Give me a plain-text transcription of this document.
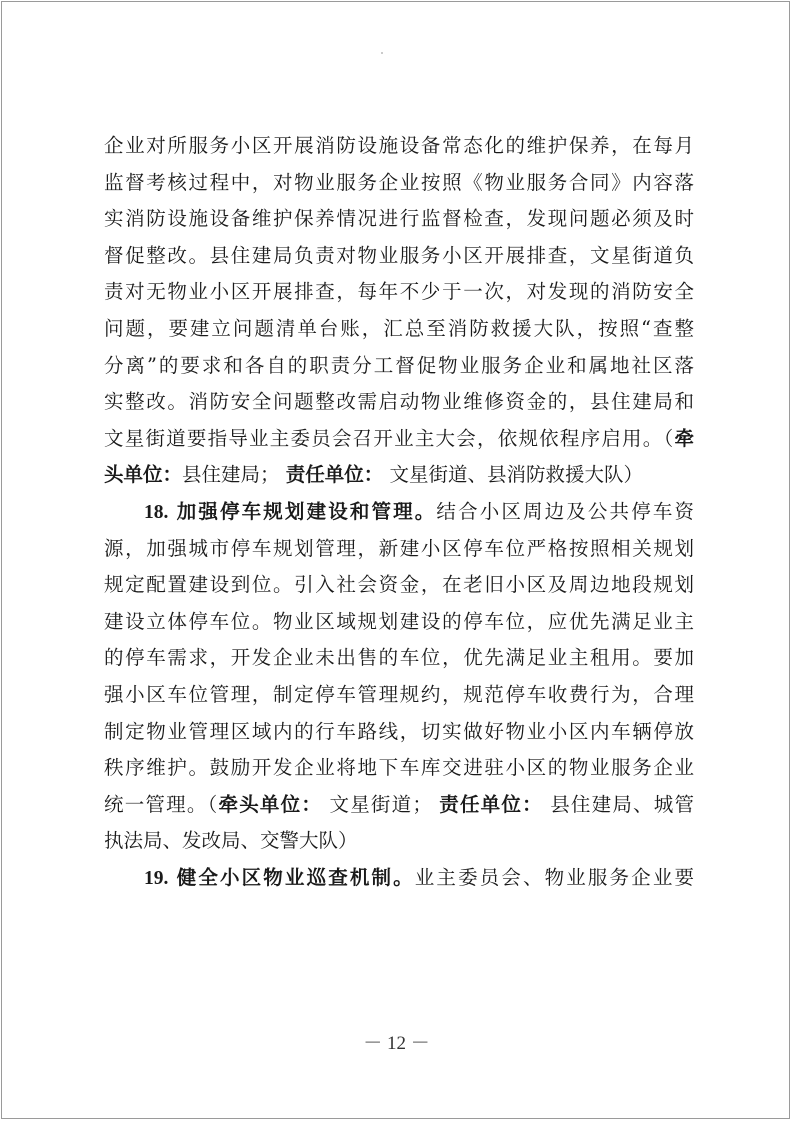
企业对所服务小区开展消防设施设备常态化的维护保养，在每月
监督考核过程中，对物业服务企业按照《物业服务合同》内容落
实消防设施设备维护保养情况进行监督检查，发现问题必须及时
督促整改。县住建局负责对物业服务小区开展排查，文星街道负
责对无物业小区开展排查，每年不少于一次，对发现的消防安全
问题，要建立问题清单台账，汇总至消防救援大队，按照“查整
分离”的要求和各自的职责分工督促物业服务企业和属地社区落
实整改。消防安全问题整改需启动物业维修资金的，县住建局和
文星街道要指导业主委员会召开业主大会，依规依程序启用。（牵
头单位：县住建局； 责任单位： 文星街道、县消防救援大队）
18. 加强停车规划建设和管理。结合小区周边及公共停车资
源，加强城市停车规划管理，新建小区停车位严格按照相关规划
规定配置建设到位。引入社会资金，在老旧小区及周边地段规划
建设立体停车位。物业区域规划建设的停车位，应优先满足业主
的停车需求，开发企业未出售的车位，优先满足业主租用。要加
强小区车位管理，制定停车管理规约，规范停车收费行为，合理
制定物业管理区域内的行车路线，切实做好物业小区内车辆停放
秩序维护。鼓励开发企业将地下车库交进驻小区的物业服务企业
统一管理。（牵头单位： 文星街道； 责任单位： 县住建局、城管
执法局、发改局、交警大队）
19. 健全小区物业巡查机制。业主委员会、物业服务企业要
－ 12 －
